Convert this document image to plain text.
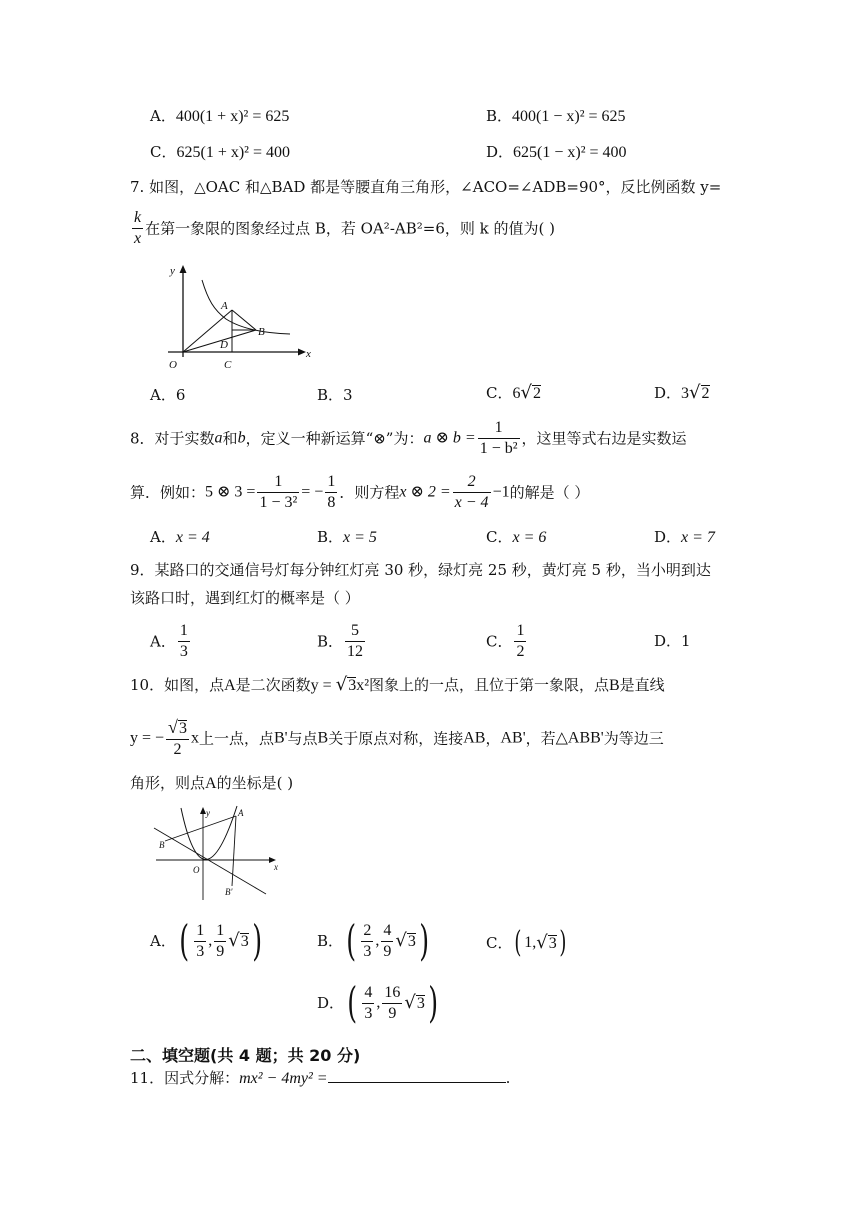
A．400(1 + x)² = 625	B．400(1 − x)² = 625
C．625(1 + x)² = 400	D．625(1 − x)² = 400
7. 如图，△OAC 和△BAD 都是等腰直角三角形，∠ACO=∠ADB=90°，反比例函数 y=
$\frac{k}{x}$ 在第一象限的图象经过点 B，若 OA²-AB²=6，则 k 的值为( )
y
x
O	C
A
B
D
A．6	B．3	C．6√2	D．3√2
8．对于实数a和b，定义一种新运算“⊗”为：a ⊗ $b = \frac{1}{\text{1 − b²}}$ ，这里等式右边是实数运
算．例如：5 ⊗ $3 = \frac{1}{\text{1 − 3²}}$ = − $\frac{1}{8}$ ．则方程x ⊗ $2 = \frac{2}{x - 4} -1$的解是（ ）
A．x = 4	B．x = 5	C．x = 6	D．x = 7
9．某路口的交通信号灯每分钟红灯亮 30 秒，绿灯亮 25 秒，黄灯亮 5 秒，当小明到达
该路口时，遇到红灯的概率是（ ）
A． $\frac{1}{3}$	B． $\frac{5}{12}$	C． $\frac{1}{2}$	D．1
10．如图，点A是二次函数y = √3x²图象上的一点，且位于第一象限，点B是直线
y = − $\frac{√3}{2}$ x上一点，点B'与点B关于原点对称，连接AB，AB'，若△ABB'为等边三
角形，则点A的坐标是( )
y
x
O
A
B
B'
A．( $\frac{1}{3}$ , $\frac{1}{9} √3$)	B．( $\frac{2}{3}$ , $\frac{4}{9} √3$)	C．( 1,√3)
D．( $\frac{4}{3}$ , $\frac{16}{9} √3$)
二、填空题(共 4 题；共 20 分)
11．因式分解：mx² − 4my² =	.
